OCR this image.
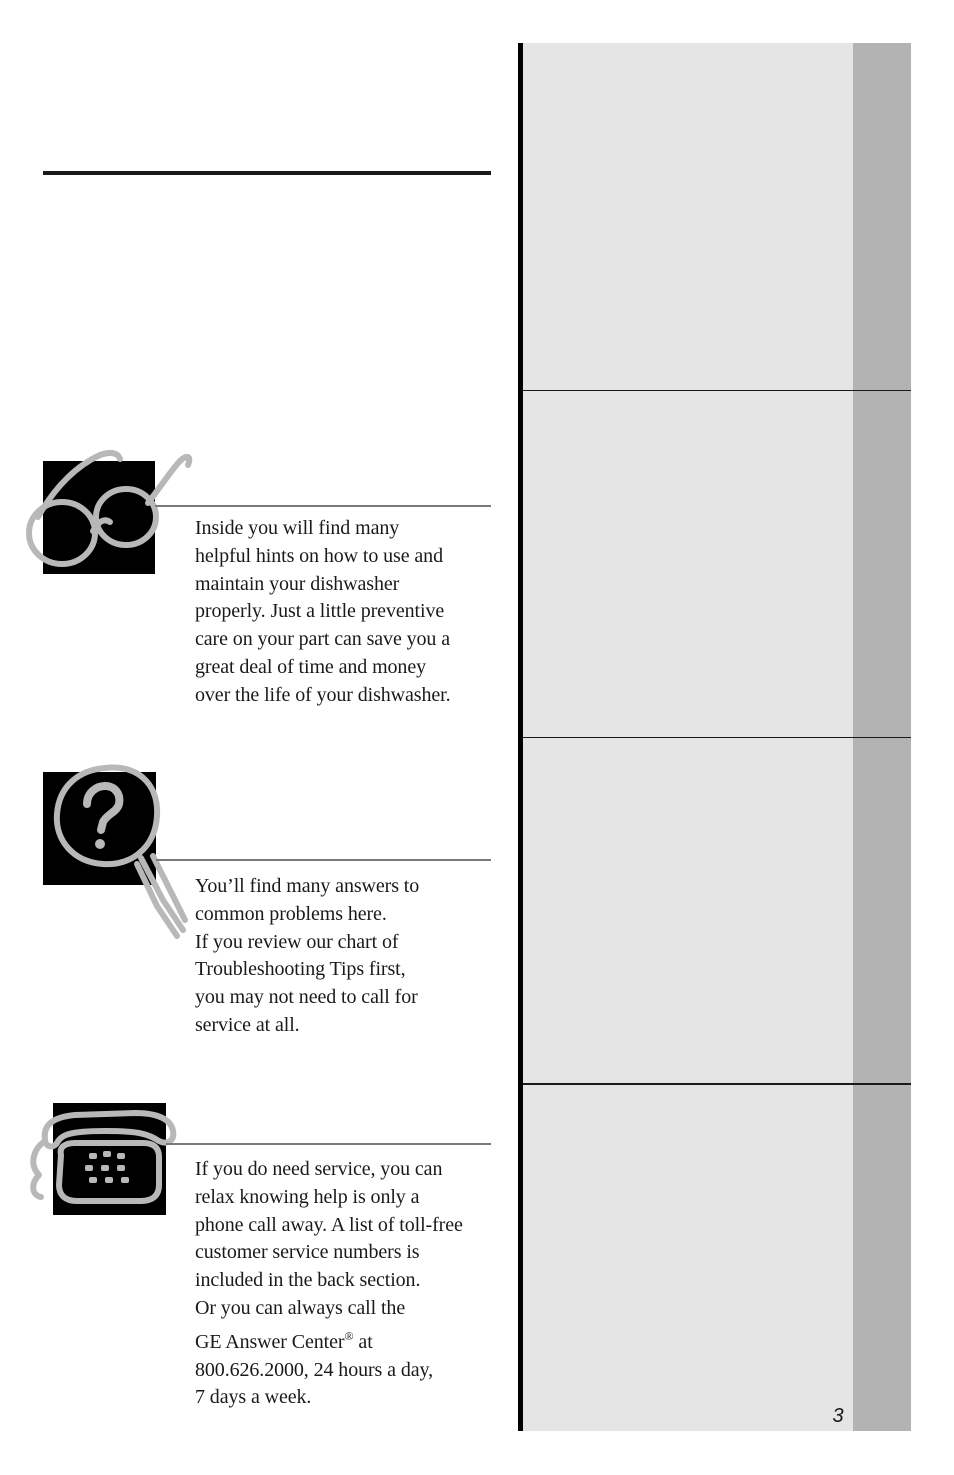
Inside you will find many
helpful hints on how to use and
maintain your dishwasher
properly. Just a little preventive
care on your part can save you a
great deal of time and money
over the life of your dishwasher.
You’ll find many answers to
common problems here.
If you review our chart of
Troubleshooting Tips first,
you may not need to call for
service at all.
If you do need service, you can
relax knowing help is only a
phone call away. A list of toll-free
customer service numbers is
included in the back section.
Or you can always call the
GE Answer Center® at
800.626.2000, 24 hours a day,
7 days a week.
3
